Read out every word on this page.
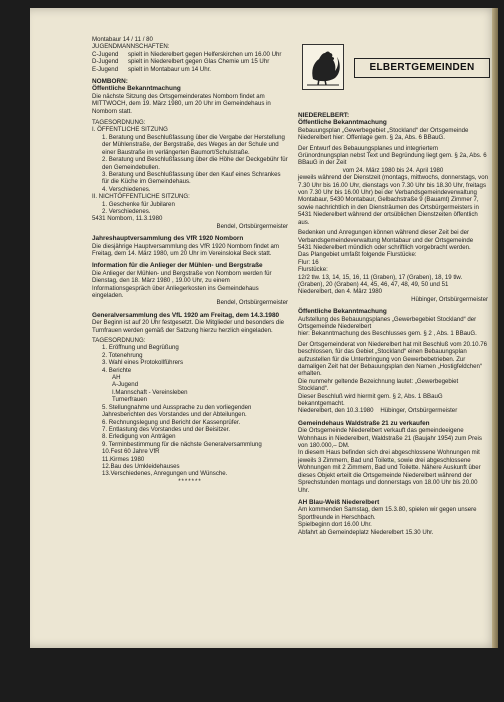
Montabaur 14 / 11 / 80

JUGENDMANNSCHAFTEN:

C-Jugend	spielt in Niederelbert gegen Helferskirchen um 16.00 Uhr
D-Jugend	spielt in Niederelbert gegen Glas Chemie um 15 Uhr
E-Jugend	spielt in Montabaur um 14 Uhr.

NOMBORN:

Öffentliche Bekanntmachung

Die nächste Sitzung des Ortsgemeinderates Nomborn findet am MITTWOCH, dem 19. März 1980, um 20 Uhr im Gemeindehaus in Nomborn statt.

TAGESORDNUNG:

I. ÖFFENTLICHE SITZUNG

1. Beratung und Beschlußfassung über die Vergabe der Herstellung der Mühlenstraße, der Bergstraße, des Weges an der Schule und einer Baustraße im verlängerten Baumort/Schulstraße.

2. Beratung und Beschlußfassung über die Höhe der Deckgebühr für den Gemeindebullen.

3. Beratung und Beschlußfassung über den Kauf eines Schrankes für die Küche im Gemeindehaus.

4. Verschiedenes.

II. NICHTÖFFENTLICHE SITZUNG:

1. Geschenke für Jubilaren

2. Verschiedenes.

5431 Nomborn, 11.3.1980

Bendel, Ortsbürgermeister

Jahreshauptversammlung des VfR 1920 Nomborn

Die diesjährige Hauptversammlung des VfR 1920 Nomborn findet am Freitag, dem 14. März 1980, um 20 Uhr im Vereinslokal Beck statt.

Information für die Anlieger der Mühlen- und Bergstraße

Die Anlieger der Mühlen- und Bergstraße von Nomborn werden für Dienstag, den 18. März 1980 , 19.00 Uhr, zu einem Informationsgespräch über Anliegerkosten ins Gemeindehaus eingeladen.

Bendel, Ortsbürgermeister

Generalversammlung des VfL 1920 am Freitag, dem 14.3.1980

Der Beginn ist auf 20 Uhr festgesetzt. Die Mitglieder und besonders die Turnfrauen werden gemäß der Satzung hierzu herzlich eingeladen.

TAGESORDNUNG:

1. Eröffnung und Begrüßung

2. Totenehrung

3. Wahl eines Protokollführers

4. Berichte

AH

A-Jugend

I.Mannschaft - Vereinsleben

Turnerfrauen

5. Stellungnahme und Aussprache zu den vorliegenden Jahresberichten des Vorstandes und der Abteilungen.

6. Rechnungslegung und Bericht der Kassenprüfer.

7. Entlastung des Vorstandes und der Beisitzer.

8. Erledigung von Anträgen

9. Terminbestimmung für die nächste Generalversammlung

10.Fest 60 Jahre VfR

11.Kirmes 1980

12.Bau des Umkleidehauses

13.Verschiedenes, Anregungen und Wünsche.

*******

ELBERTGEMEINDEN

NIEDERELBERT:

Öffentliche Bekanntmachung

Bebauungsplan „Gewerbegebiet „Stockland“ der Ortsgemeinde Niederelbert hier: Offenlage gem. § 2a, Abs. 6 BBauG.

Der Entwurf des Bebauungsplanes und integriertem Grünordnungsplan nebst Text und Begründung liegt gem. § 2a, Abs. 6 BBauG in der Zeit

vom 24. März 1980 bis 24. April 1980

jeweils während der Dienstzeit (montags, mittwochs, donnerstags, von 7.30 Uhr bis 16.00 Uhr, dienstags von 7.30 Uhr bis 18.30 Uhr, freitags von 7.30 Uhr bis 16.00 Uhr) bei der Verbandsgemeindeverwaltung Montabaur, 5430 Montabaur, Gelbachstraße 9 (Bauamt) Zimmer 7, sowie nachrichtlich in den Diensträumen des Ortsbürgermeisters in 5431 Niederelbert während der ortsüblichen Dienstzeiten öffentlich aus.

Bedenken und Anregungen können während dieser Zeit bei der Verbandsgemeindeverwaltung Montabaur und der Ortsgemeinde 5431 Niederelbert mündlich oder schriftlich vorgebracht werden.

Das Plangebiet umfaßt folgende Flurstücke:

Flur: 16

Flurstücke:

12/2 tlw. 13, 14, 15, 16, 11 (Graben), 17 (Graben), 18, 19 tlw. (Graben), 20 (Graben) 44, 45, 46, 47, 48, 49, 50 und 51

Niederelbert, den 4. März 1980

Hübinger, Ortsbürgermeister

Öffentliche Bekanntmachung

Aufstellung des Bebauungsplanes „Gewerbegebiet Stockland“ der Ortsgemeinde Niederelbert

hier: Bekanntmachung des Beschlusses gem. § 2 , Abs. 1 BBauG.

Der Ortsgemeinderat von Niederelbert hat mit Beschluß vom 20.10.76 beschlossen, für das Gebiet „Stockland“ einen Bebauungsplan aufzustellen für die Unterbringung von Gewerbebetrieben. Zur damaligen Zeit hat der Bebauungsplan den Namen „Hostigfeldchen“ erhalten.

Die nunmehr geltende Bezeichnung lautet: „Gewerbegebiet Stockland“.

Dieser Beschluß wird hiermit gem. § 2, Abs. 1 BBauG bekanntgemacht.

Niederelbert, den 10.3.1980 Hübinger, Ortsbürgermeister

Gemeindehaus Waldstraße 21 zu verkaufen

Die Ortsgemeinde Niederelbert verkauft das gemeindeeigene Wohnhaus in Niederelbert, Waldstraße 21 (Baujahr 1954) zum Preis von 180.000,– DM.

In diesem Haus befinden sich drei abgeschlossene Wohnungen mit jeweils 3 Zimmern, Bad und Toilette, sowie drei abgeschlossene Wohnungen mit 2 Zimmern, Bad und Toilette. Nähere Auskunft über dieses Objekt erteilt die Ortsgemeinde Niederelbert während der Sprechstunden montags und donnerstags von 18.00 Uhr bis 20.00 Uhr.

AH Blau-Weiß Niederelbert

Am kommenden Samstag, dem 15.3.80, spielen wir gegen unsere Sportfreunde in Herschbach.

Spielbeginn dort 16.00 Uhr.

Abfahrt ab Gemeindeplatz Niederelbert 15.30 Uhr.
